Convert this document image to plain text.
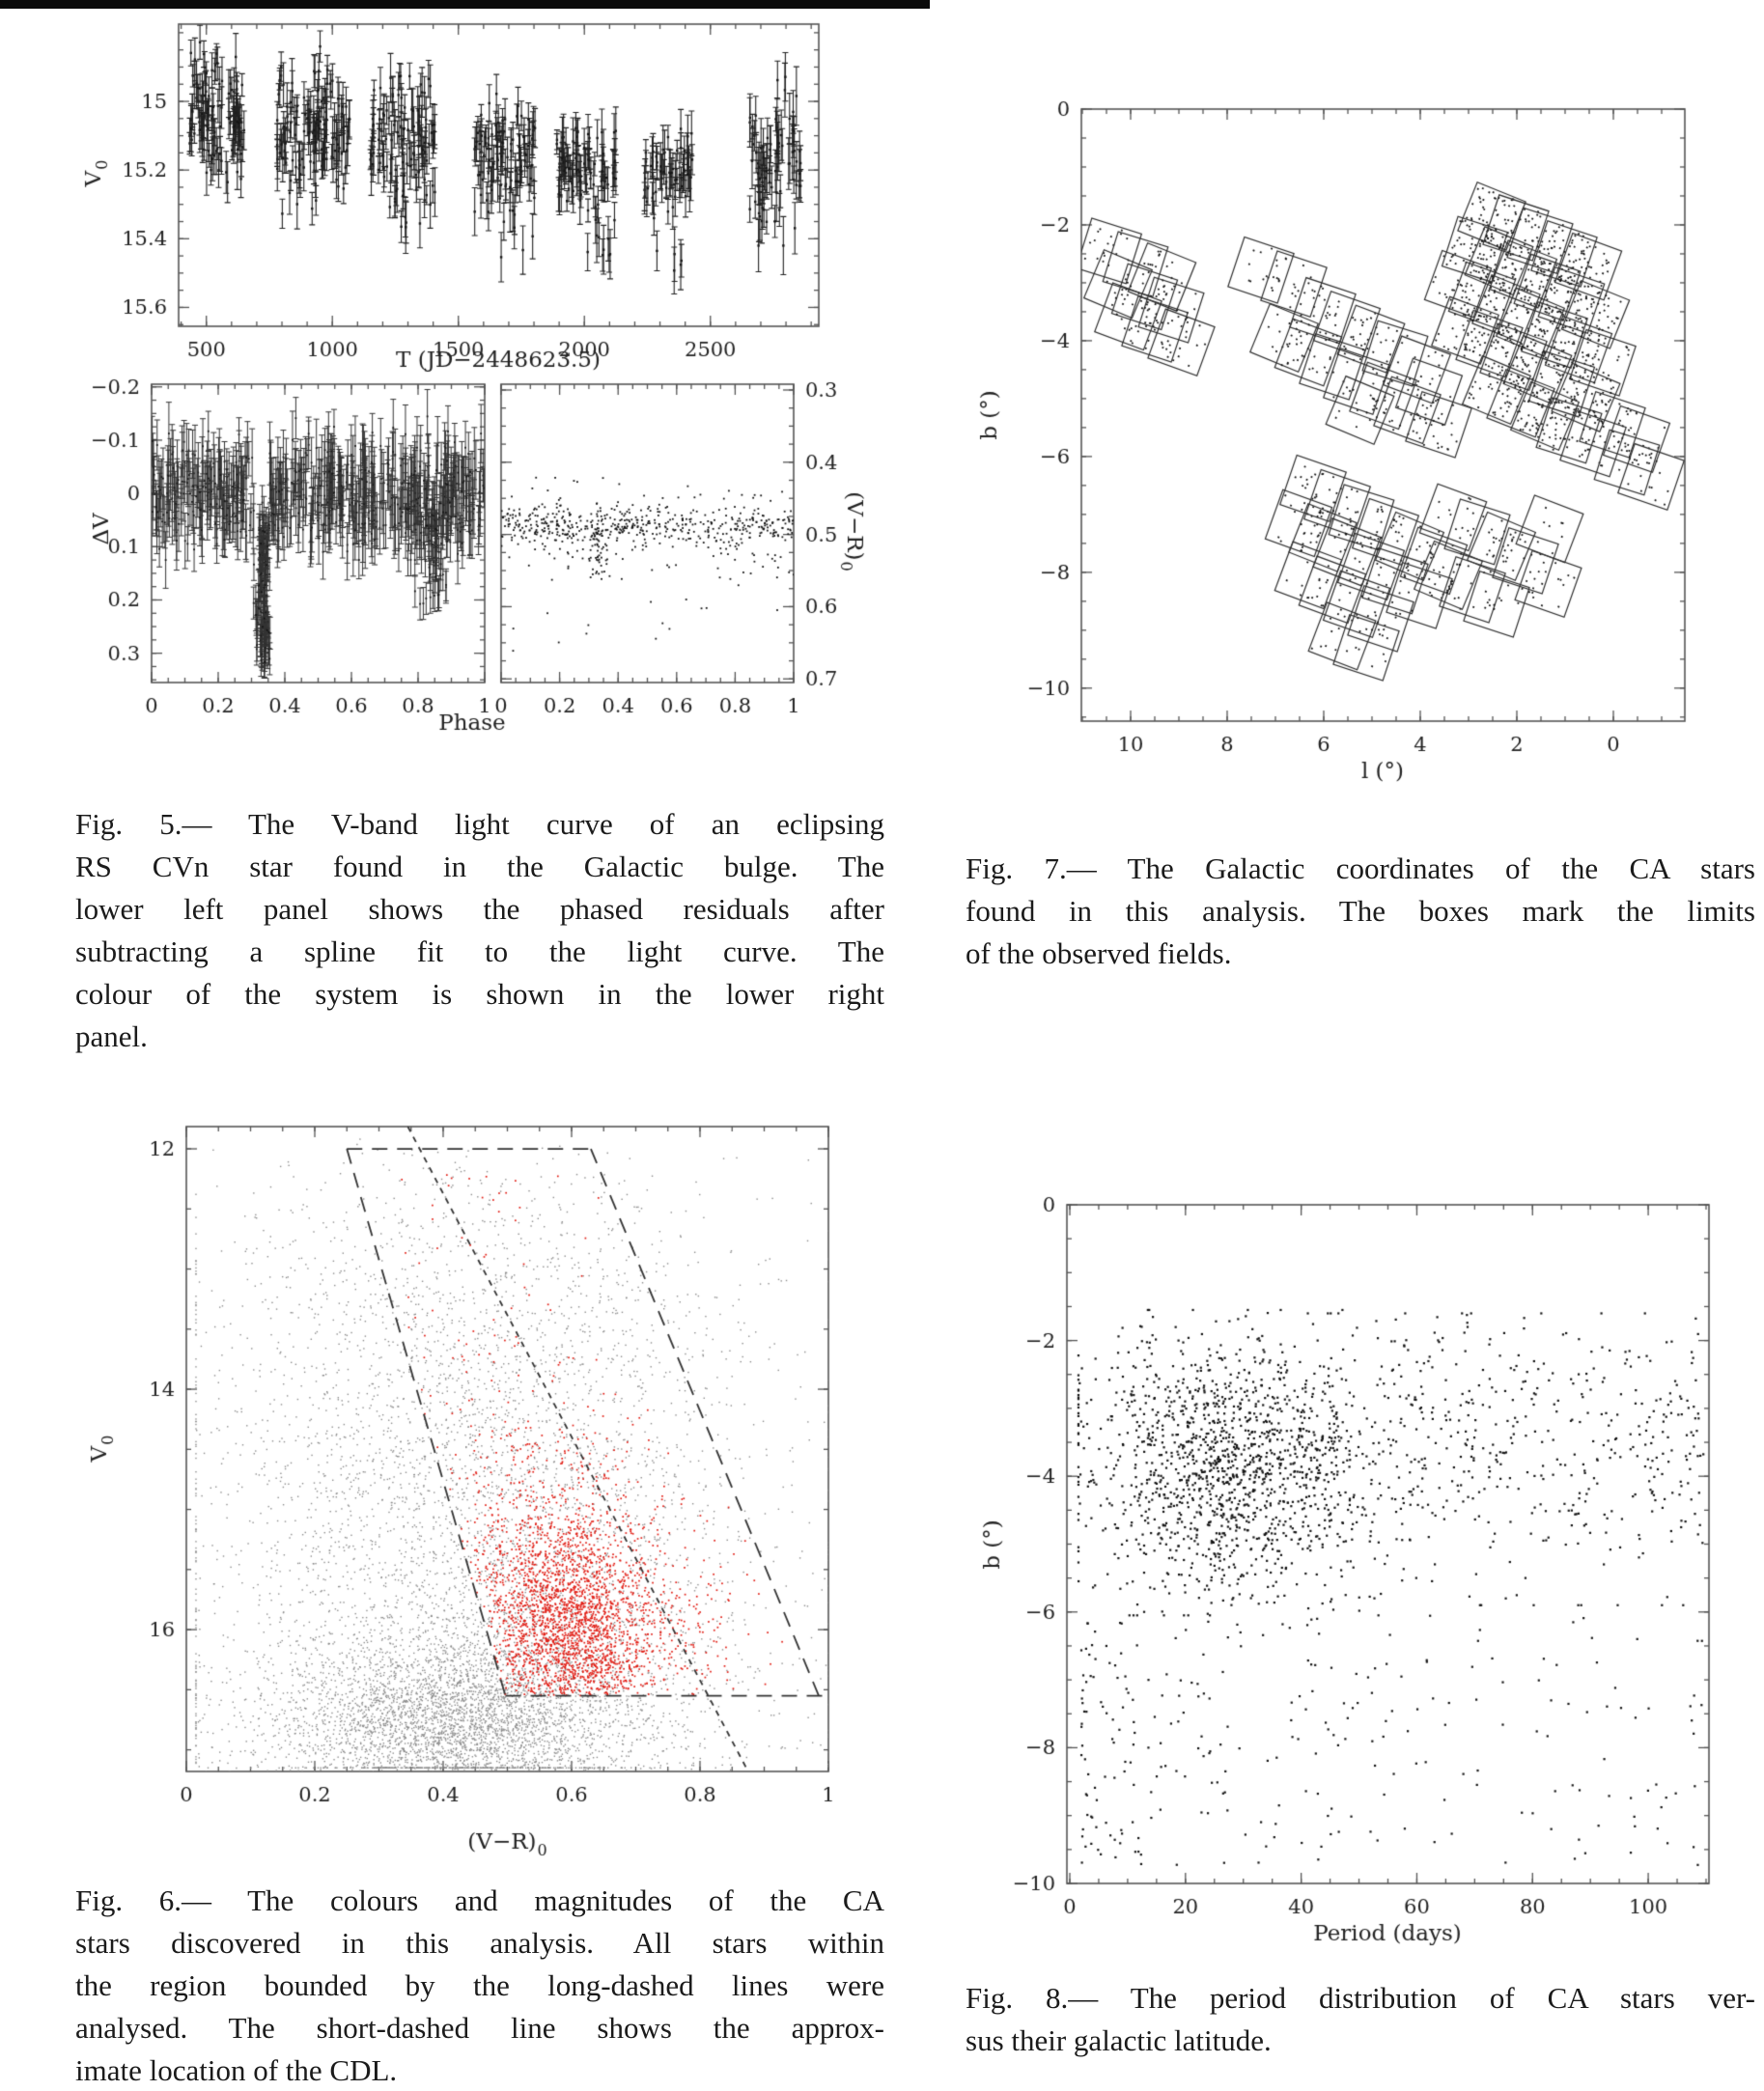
Fig. 5.— The V-band light curve of an eclipsing
RS CVn star found in the Galactic bulge. The
lower left panel shows the phased residuals after
subtracting a spline fit to the light curve. The
colour of the system is shown in the lower right
panel.
Fig. 6.— The colours and magnitudes of the CA
stars discovered in this analysis. All stars within
the region bounded by the long-dashed lines were
analysed. The short-dashed line shows the approx-
imate location of the CDL.
Fig. 7.— The Galactic coordinates of the CA stars
found in this analysis. The boxes mark the limits
of the observed fields.
Fig. 8.— The period distribution of CA stars ver-
sus their galactic latitude.
